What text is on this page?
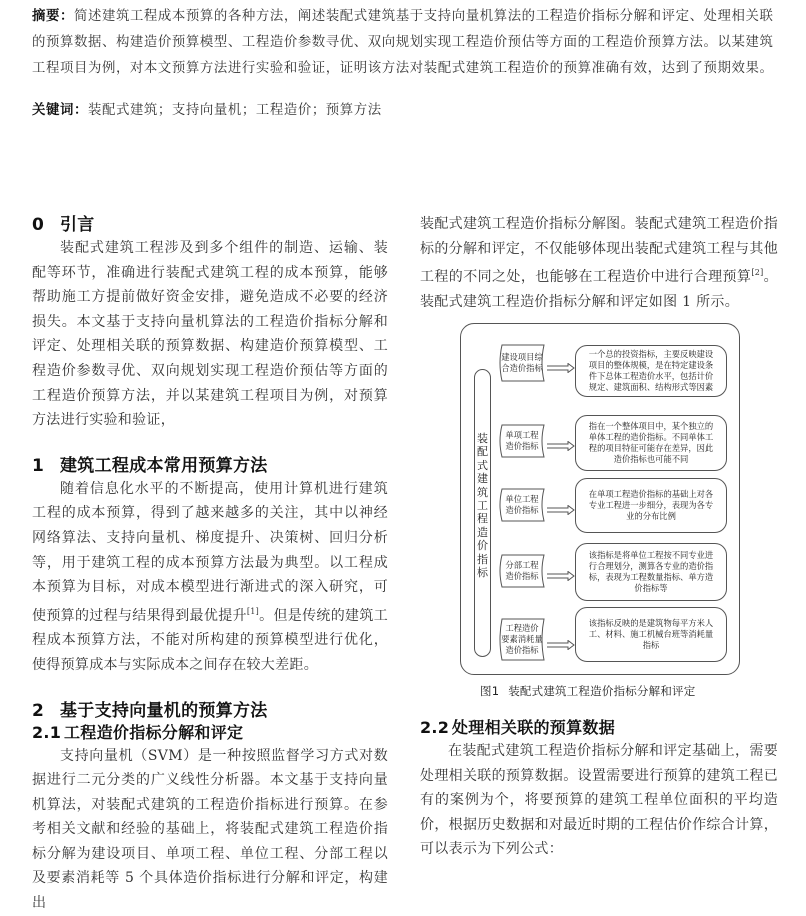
摘要：简述建筑工程成本预算的各种方法，阐述装配式建筑基于支持向量机算法的工程造价指标分解和评定、处理相关联的预算数据、构建造价预算模型、工程造价参数寻优、双向规划实现工程造价预估等方面的工程造价预算方法。以某建筑工程项目为例，对本文预算方法进行实验和验证，证明该方法对装配式建筑工程造价的预算准确有效，达到了预期效果。
关键词：装配式建筑；支持向量机；工程造价；预算方法
0 引言

装配式建筑工程涉及到多个组件的制造、运输、装配等环节，准确进行装配式建筑工程的成本预算，能够帮助施工方提前做好资金安排，避免造成不必要的经济损失。本文基于支持向量机算法的工程造价指标分解和评定、处理相关联的预算数据、构建造价预算模型、工程造价参数寻优、双向规划实现工程造价预估等方面的工程造价预算方法，并以某建筑工程项目为例，对预算方法进行实验和验证，

1 建筑工程成本常用预算方法

随着信息化水平的不断提高，使用计算机进行建筑工程的成本预算，得到了越来越多的关注，其中以神经网络算法、支持向量机、梯度提升、决策树、回归分析等，用于建筑工程的成本预算方法最为典型。以工程成本预算为目标，对成本模型进行渐进式的深入研究，可使预算的过程与结果得到最优提升[1]。但是传统的建筑工程成本预算方法，不能对所构建的预算模型进行优化，使得预算成本与实际成本之间存在较大差距。

2 基于支持向量机的预算方法
2.1 工程造价指标分解和评定

支持向量机（SVM）是一种按照监督学习方式对数据进行二元分类的广义线性分析器。本文基于支持向量机算法，对装配式建筑的工程造价指标进行预算。在参考相关文献和经验的基础上，将装配式建筑工程造价指标分解为建设项目、单项工程、单位工程、分部工程以及要素消耗等 5 个具体造价指标进行分解和评定，构建出

装配式建筑工程造价指标分解图。装配式建筑工程造价指标的分解和评定，不仅能够体现出装配式建筑工程与其他工程的不同之处，也能够在工程造价中进行合理预算[2]。装配式建筑工程造价指标分解和评定如图 1 所示。

装
配
式
建
筑
工
程
造
价
指
标
建设项目综
合造价指标
一个总的投资指标，主要反映建设
项目的整体规模，是在特定建设条
件下总体工程造价水平，包括计价
规定、建筑面积、结构形式等因素
单项工程
造价指标
指在一个整体项目中，某个独立的
单体工程的造价指标。不同单体工
程的项目特征可能存在差异，因此
造价指标也可能不同
单位工程
造价指标
在单项工程造价指标的基础上对各
专业工程进一步细分，表现为各专
业的分布比例
分部工程
造价指标
该指标是将单位工程按不同专业进
行合理划分，测算各专业的造价指
标，表现为工程数量指标、单方造
价指标等
工程造价
要素消耗量
造价指标
该指标反映的是建筑物每平方米人
工、材料、施工机械台班等消耗量
指标
图1 装配式建筑工程造价指标分解和评定
2.2 处理相关联的预算数据

在装配式建筑工程造价指标分解和评定基础上，需要处理相关联的预算数据。设置需要进行预算的建筑工程已有的案例为个，将要预算的建筑工程单位面积的平均造价，根据历史数据和对最近时期的工程估价作综合计算，可以表示为下列公式：
